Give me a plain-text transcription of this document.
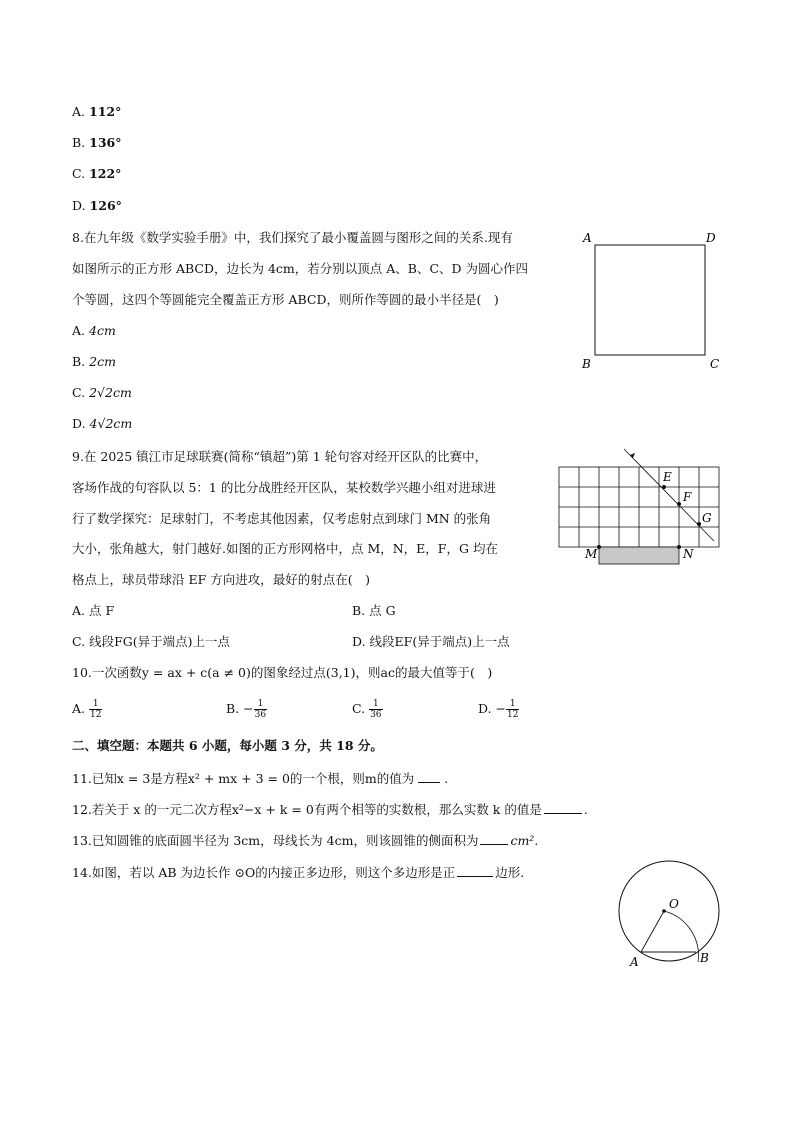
A. 112°
B. 136°
C. 122°
D. 126°
8.在九年级《数学实验手册》中，我们探究了最小覆盖圆与图形之间的关系.现有
如图所示的正方形 ABCD，边长为 4cm，若分别以顶点 A、B、C、D 为圆心作四
个等圆，这四个等圆能完全覆盖正方形 ABCD，则所作等圆的最小半径是(　)
A. 4cm
B. 2cm
C. 2√2cm
D. 4√2cm
A	D
B	C
9.在 2025 镇江市足球联赛(简称“镇超”)第 1 轮句容对经开区队的比赛中，
客场作战的句容队以 5：1 的比分战胜经开区队，某校数学兴趣小组对进球进
行了数学探究：足球射门，不考虑其他因素，仅考虑射点到球门 MN 的张角
大小，张角越大，射门越好.如图的正方形网格中，点 M，N，E，F，G 均在
格点上，球员带球沿 EF 方向进攻，最好的射点在(　)
A. 点 F	B. 点 G
C. 线段FG(异于端点)上一点	D. 线段EF(异于端点)上一点
E
F
G
M	N
10.一次函数y = ax + c(a ≠ 0)的图象经过点(3,1)，则ac的最大值等于(　)
A. $\frac{1}{12}$	B. − $\frac{1}{36}$	C. $\frac{1}{36}$	D. − $\frac{1}{12}$
二、填空题：本题共 6 小题，每小题 3 分，共 18 分。
11.已知x = 3是方程x² + mx + 3 = 0的一个根，则m的值为 .
12.若关于 x 的一元二次方程x²−x + k = 0有两个相等的实数根，那么实数 k 的值是	.
13.已知圆锥的底面圆半径为 3cm，母线长为 4cm，则该圆锥的侧面积为	cm².
14.如图，若以 AB 为边长作 ⊙O的内接正多边形，则这个多边形是正	边形.
O
A	B
